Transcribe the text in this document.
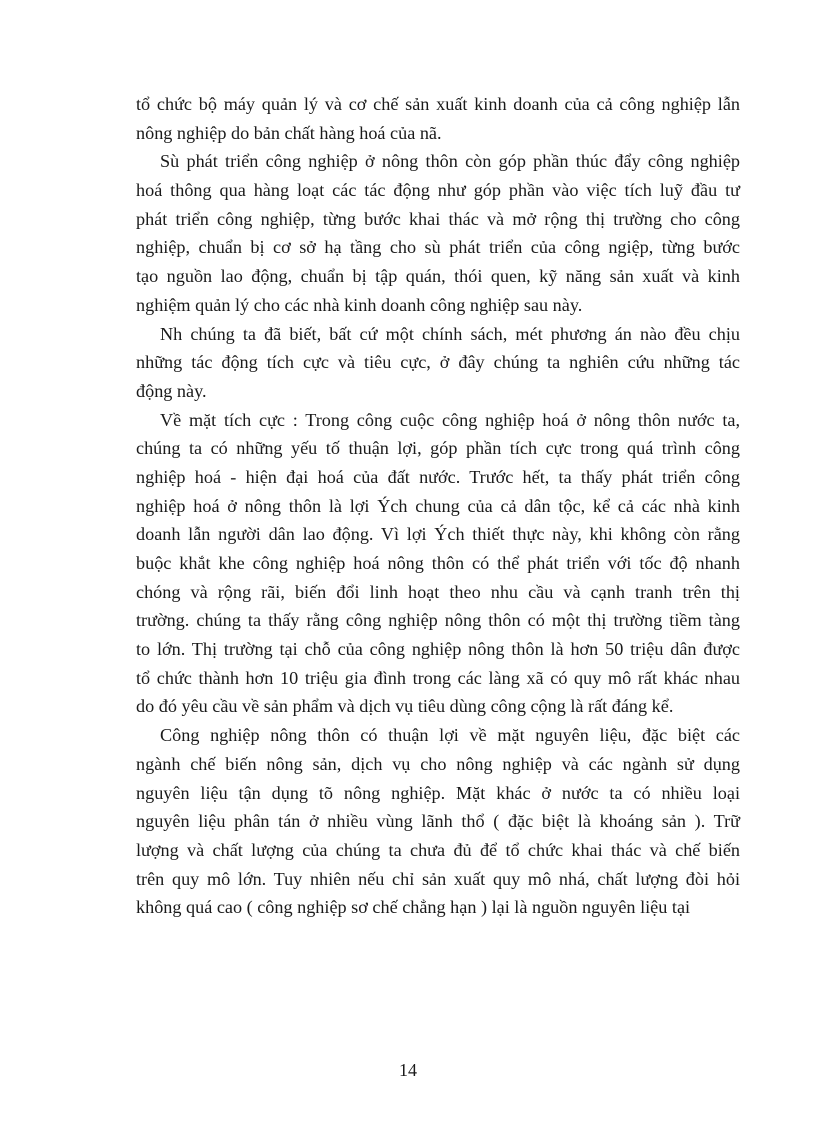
tổ chức bộ máy quản lý và cơ chế sản xuất kinh doanh của cả công nghiệp lẫn
nông nghiệp do bản chất hàng hoá của nã.
Sù phát triển công nghiệp ở nông thôn còn góp phần thúc đẩy công nghiệp
hoá thông qua hàng loạt các tác động như góp phần vào việc tích luỹ đầu tư
phát triển công nghiệp, từng bước khai thác và mở rộng thị trường cho công
nghiệp, chuẩn bị cơ sở hạ tầng cho sù phát triển của công ngiệp, từng bước
tạo nguồn lao động, chuẩn bị tập quán, thói quen, kỹ năng sản xuất và kinh
nghiệm quản lý cho các nhà kinh doanh công nghiệp sau này.
Nh chúng ta đã biết, bất cứ một chính sách, mét phương án nào đều chịu
những tác động tích cực và tiêu cực, ở đây chúng ta nghiên cứu những tác
động này.
Về mặt tích cực : Trong công cuộc công nghiệp hoá ở nông thôn nước ta,
chúng ta có những yếu tố thuận lợi, góp phần tích cực trong quá trình công
nghiệp hoá - hiện đại hoá của đất nước. Trước hết, ta thấy phát triển công
nghiệp hoá ở nông thôn là lợi Ých chung của cả dân tộc, kể cả các nhà kinh
doanh lẫn người dân lao động. Vì lợi Ých thiết thực này, khi không còn rằng
buộc khắt khe công nghiệp hoá nông thôn có thể phát triển với tốc độ nhanh
chóng và rộng rãi, biến đổi linh hoạt theo nhu cầu và cạnh tranh trên thị
trường. chúng ta thấy rằng công nghiệp nông thôn có một thị trường tiềm tàng
to lớn. Thị trường tại chỗ của công nghiệp nông thôn là hơn 50 triệu dân được
tổ chức thành hơn 10 triệu gia đình trong các làng xã có quy mô rất khác nhau
do đó yêu cầu về sản phẩm và dịch vụ tiêu dùng công cộng là rất đáng kể.
Công nghiệp nông thôn có thuận lợi về mặt nguyên liệu, đặc biệt các
ngành chế biến nông sản, dịch vụ cho nông nghiệp và các ngành sử dụng
nguyên liệu tận dụng tõ nông nghiệp. Mặt khác ở nước ta có nhiều loại
nguyên liệu phân tán ở nhiều vùng lãnh thổ ( đặc biệt là khoáng sản ). Trữ
lượng và chất lượng của chúng ta chưa đủ để tổ chức khai thác và chế biến
trên quy mô lớn. Tuy nhiên nếu chỉ sản xuất quy mô nhá, chất lượng đòi hỏi
không quá cao ( công nghiệp sơ chế chẳng hạn ) lại là nguồn nguyên liệu tại
14
